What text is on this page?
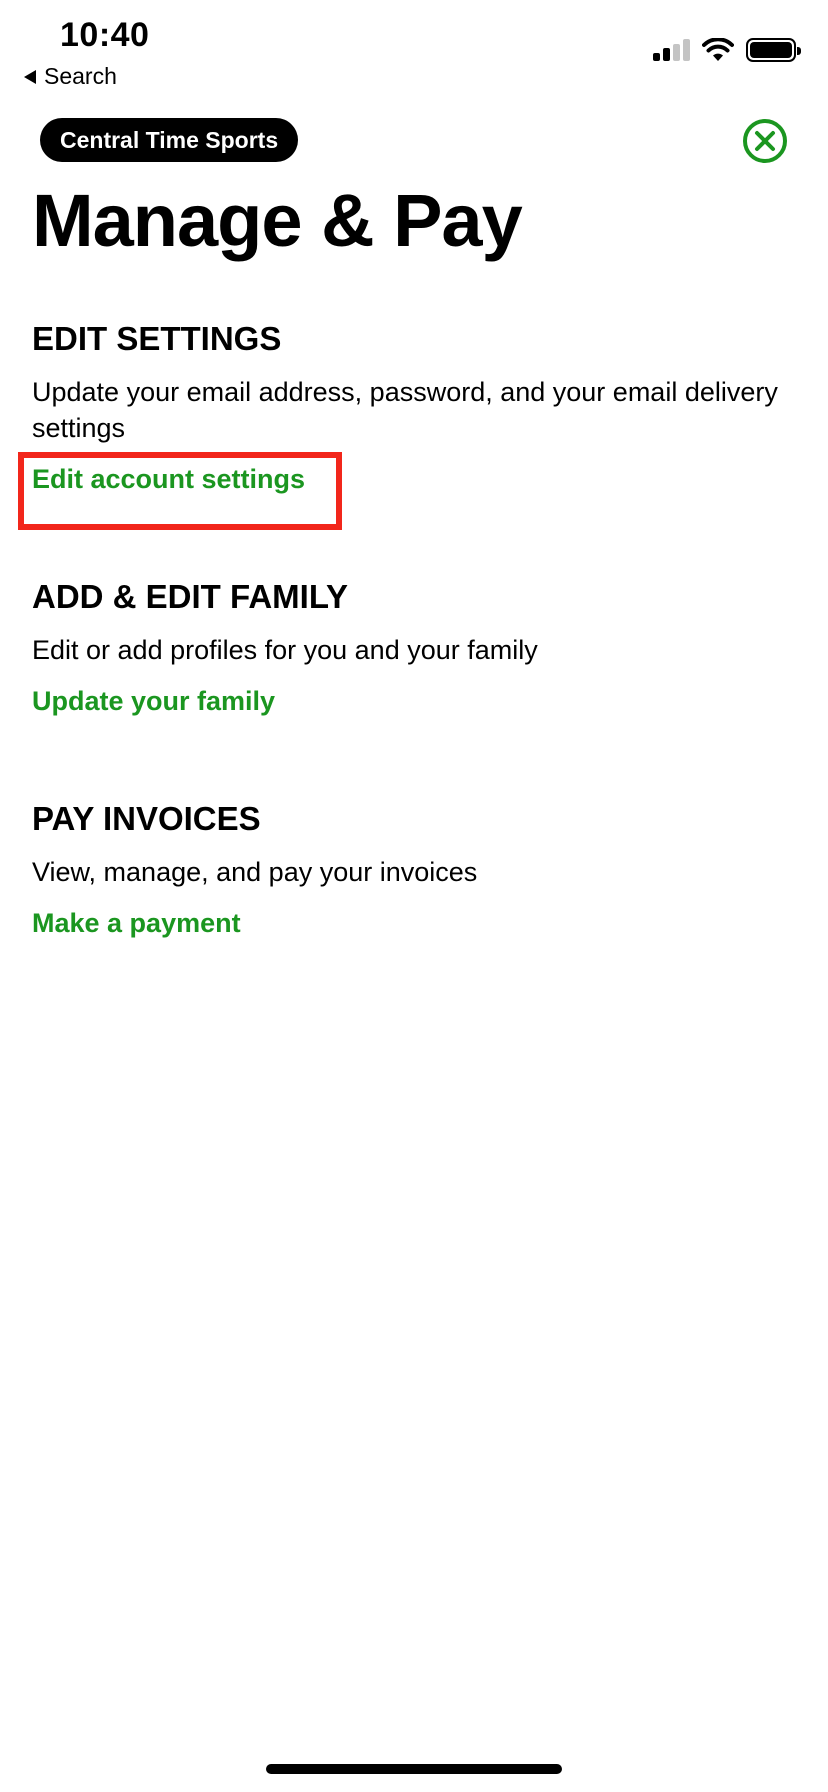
10:40
Search
Central Time Sports
Manage & Pay
EDIT SETTINGS
Update your email address, password, and your email delivery settings
Edit account settings
ADD & EDIT FAMILY
Edit or add profiles for you and your family
Update your family
PAY INVOICES
View, manage, and pay your invoices
Make a payment
